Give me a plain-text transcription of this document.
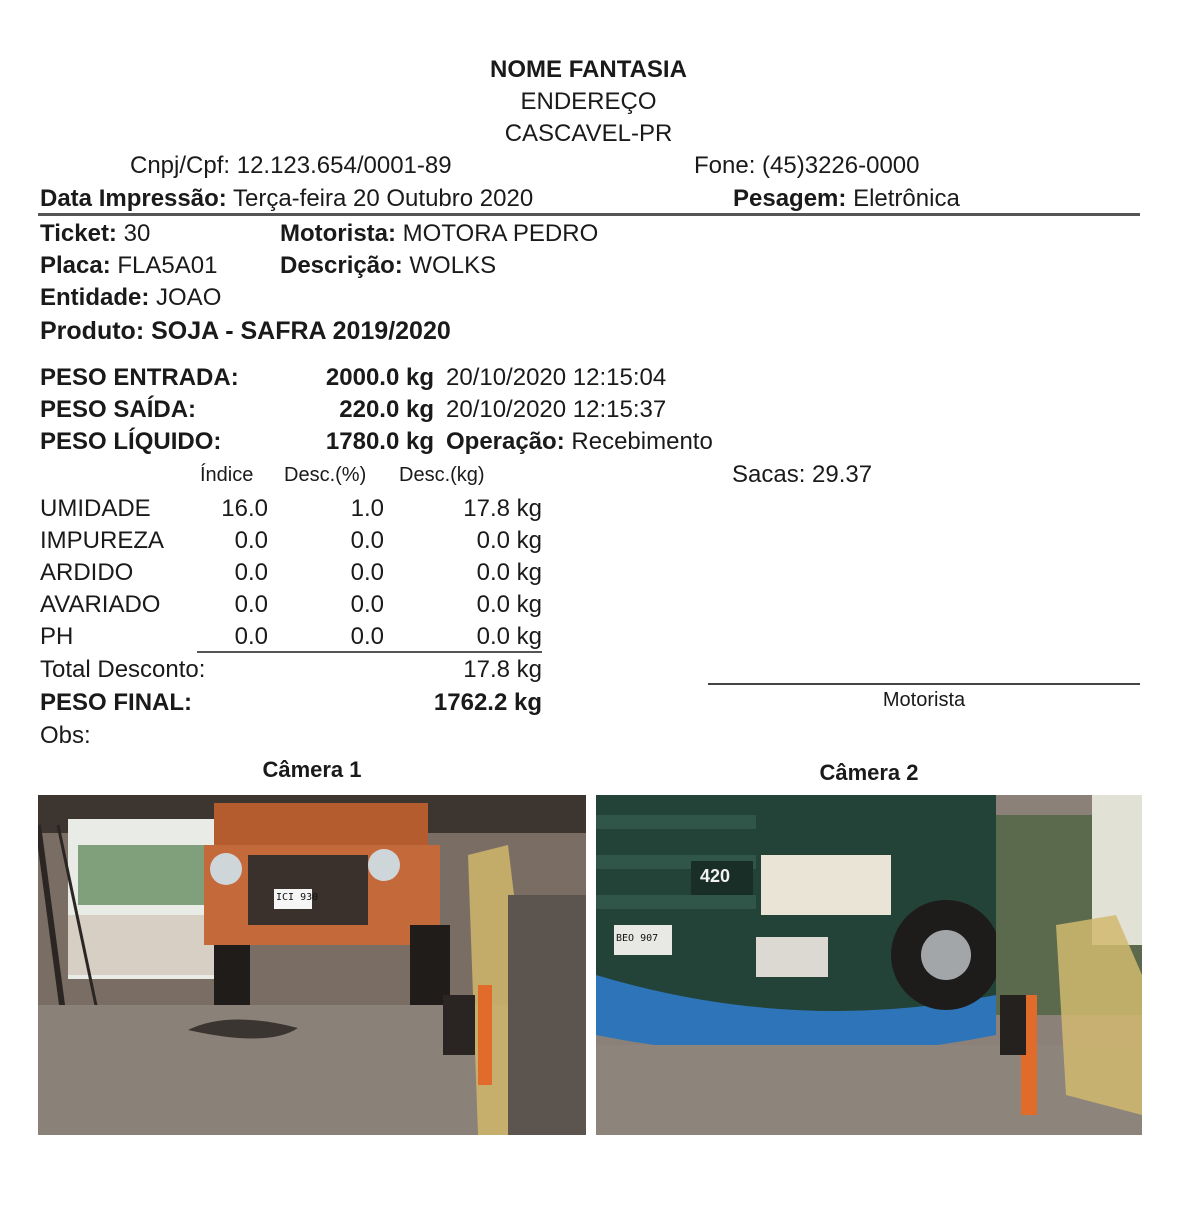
NOME FANTASIA
ENDEREÇO
CASCAVEL-PR
Cnpj/Cpf: 12.123.654/0001-89	Fone: (45)3226-0000
Data Impressão: Terça-feira 20 Outubro 2020	Pesagem: Eletrônica
Ticket: 30	Motorista: MOTORA PEDRO
Placa: FLA5A01	Descrição: WOLKS
Entidade: JOAO
Produto: SOJA - SAFRA 2019/2020
PESO ENTRADA:	2000.0 kg 20/10/2020 12:15:04
PESO SAÍDA:	220.0 kg 20/10/2020 12:15:37
PESO LÍQUIDO:	1780.0 kg Operação: Recebimento
Índice Desc.(%) Desc.(kg)	Sacas: 29.37
UMIDADE	16.0	1.0	17.8 kg
IMPUREZA	0.0	0.0	0.0 kg
ARDIDO	0.0	0.0	0.0 kg
AVARIADO	0.0	0.0	0.0 kg
PH	0.0	0.0	0.0 kg
Total Desconto:	17.8 kg
PESO FINAL:	1762.2 kg
Obs:
Motorista
Câmera 1	Câmera 2
ICI 930
420
BEO 907
